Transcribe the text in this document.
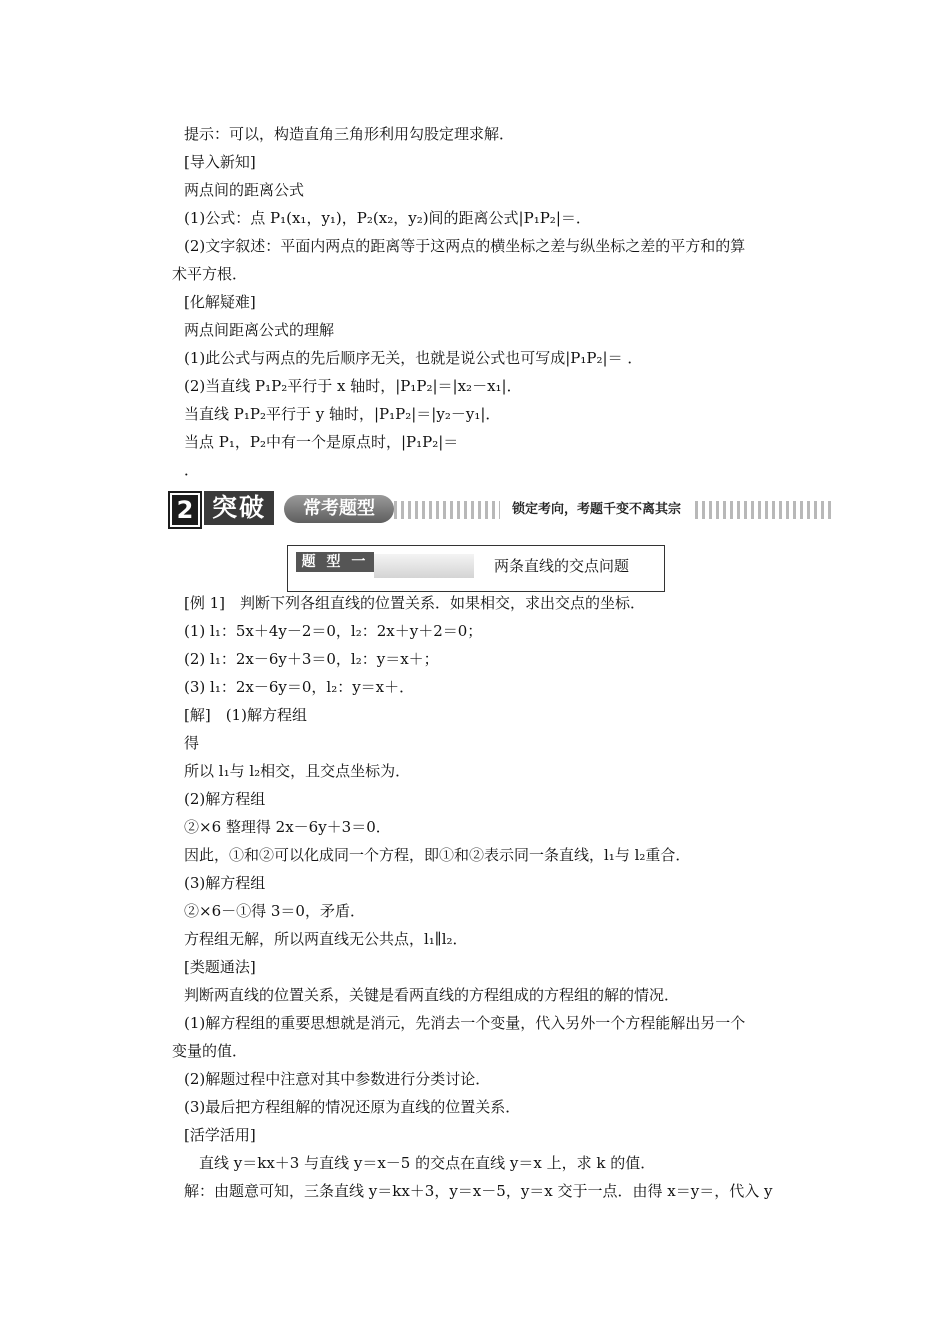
提示：可以，构造直角三角形利用勾股定理求解．
[导入新知]
两点间的距离公式
(1)公式：点 P₁(x₁，y₁)，P₂(x₂，y₂)间的距离公式|P₁P₂|＝．
(2)文字叙述：平面内两点的距离等于这两点的横坐标之差与纵坐标之差的平方和的算
术平方根．
[化解疑难]
两点间距离公式的理解
(1)此公式与两点的先后顺序无关，也就是说公式也可写成|P₁P₂|＝ ．
(2)当直线 P₁P₂平行于 x 轴时，|P₁P₂|＝|x₂－x₁|．
当直线 P₁P₂平行于 y 轴时，|P₁P₂|＝|y₂－y₁|．
当点 P₁，P₂中有一个是原点时，|P₁P₂|＝
．
2 突破	常考题型	锁定考向，考题千变不离其宗
题 型 一	两条直线的交点问题
[例 1]　判断下列各组直线的位置关系．如果相交，求出交点的坐标．
(1) l₁：5x＋4y－2＝0，l₂：2x＋y＋2＝0；
(2) l₁：2x－6y＋3＝0，l₂：y＝x＋；
(3) l₁：2x－6y＝0，l₂：y＝x＋．
[解]　(1)解方程组
得
所以 l₁与 l₂相交，且交点坐标为．
(2)解方程组
②×6 整理得 2x－6y＋3＝0．
因此，①和②可以化成同一个方程，即①和②表示同一条直线，l₁与 l₂重合．
(3)解方程组
②×6－①得 3＝0，矛盾．
方程组无解，所以两直线无公共点，l₁∥l₂．
[类题通法]
判断两直线的位置关系，关键是看两直线的方程组成的方程组的解的情况．
(1)解方程组的重要思想就是消元，先消去一个变量，代入另外一个方程能解出另一个
变量的值．
(2)解题过程中注意对其中参数进行分类讨论．
(3)最后把方程组解的情况还原为直线的位置关系．
[活学活用]
　直线 y＝kx＋3 与直线 y＝x－5 的交点在直线 y＝x 上，求 k 的值．
解：由题意可知，三条直线 y＝kx＋3，y＝x－5，y＝x 交于一点．由得 x＝y＝，代入 y
